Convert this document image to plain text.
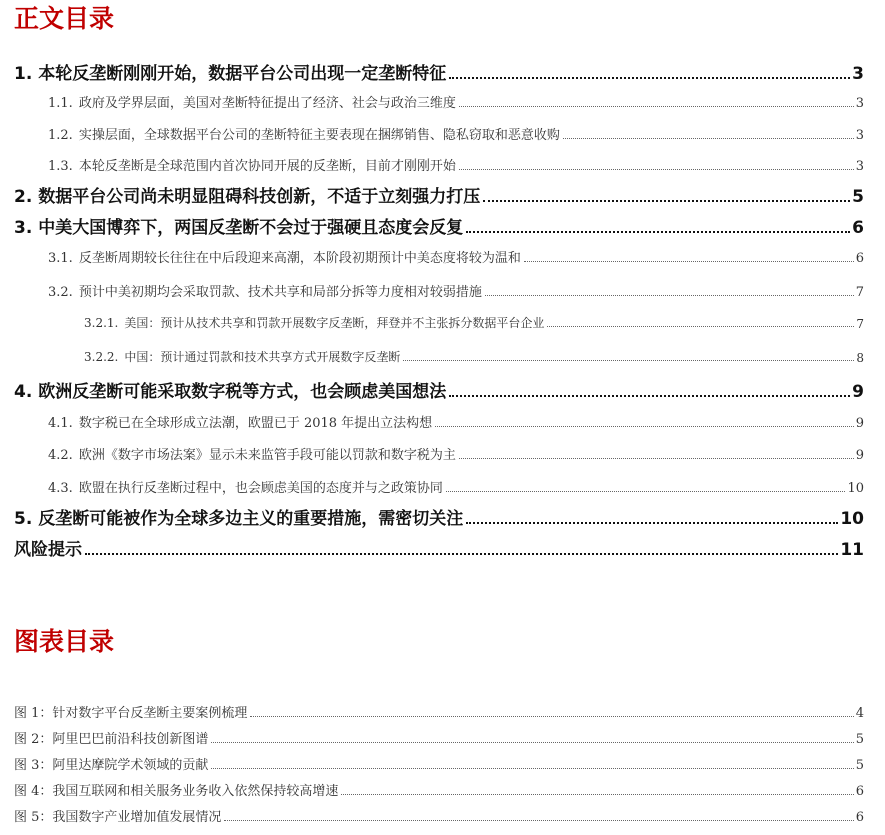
正文目录
1. 本轮反垄断刚刚开始，数据平台公司出现一定垄断特征	3
1.1. 政府及学界层面，美国对垄断特征提出了经济、社会与政治三维度	3
1.2. 实操层面，全球数据平台公司的垄断特征主要表现在捆绑销售、隐私窃取和恶意收购	3
1.3. 本轮反垄断是全球范围内首次协同开展的反垄断，目前才刚刚开始	3
2. 数据平台公司尚未明显阻碍科技创新，不适于立刻强力打压	5
3. 中美大国博弈下，两国反垄断不会过于强硬且态度会反复	6
3.1. 反垄断周期较长往往在中后段迎来高潮，本阶段初期预计中美态度将较为温和	6
3.2. 预计中美初期均会采取罚款、技术共享和局部分拆等力度相对较弱措施	7
3.2.1. 美国：预计从技术共享和罚款开展数字反垄断，拜登并不主张拆分数据平台企业	7
3.2.2. 中国：预计通过罚款和技术共享方式开展数字反垄断	8
4. 欧洲反垄断可能采取数字税等方式，也会顾虑美国想法	9
4.1. 数字税已在全球形成立法潮，欧盟已于 2018 年提出立法构想	9
4.2. 欧洲《数字市场法案》显示未来监管手段可能以罚款和数字税为主	9
4.3. 欧盟在执行反垄断过程中，也会顾虑美国的态度并与之政策协同	10
5. 反垄断可能被作为全球多边主义的重要措施，需密切关注	10
风险提示	11
图表目录
图 1：针对数字平台反垄断主要案例梳理	4
图 2：阿里巴巴前沿科技创新图谱	5
图 3：阿里达摩院学术领域的贡献	5
图 4：我国互联网和相关服务业务收入依然保持较高增速	6
图 5：我国数字产业增加值发展情况	6
